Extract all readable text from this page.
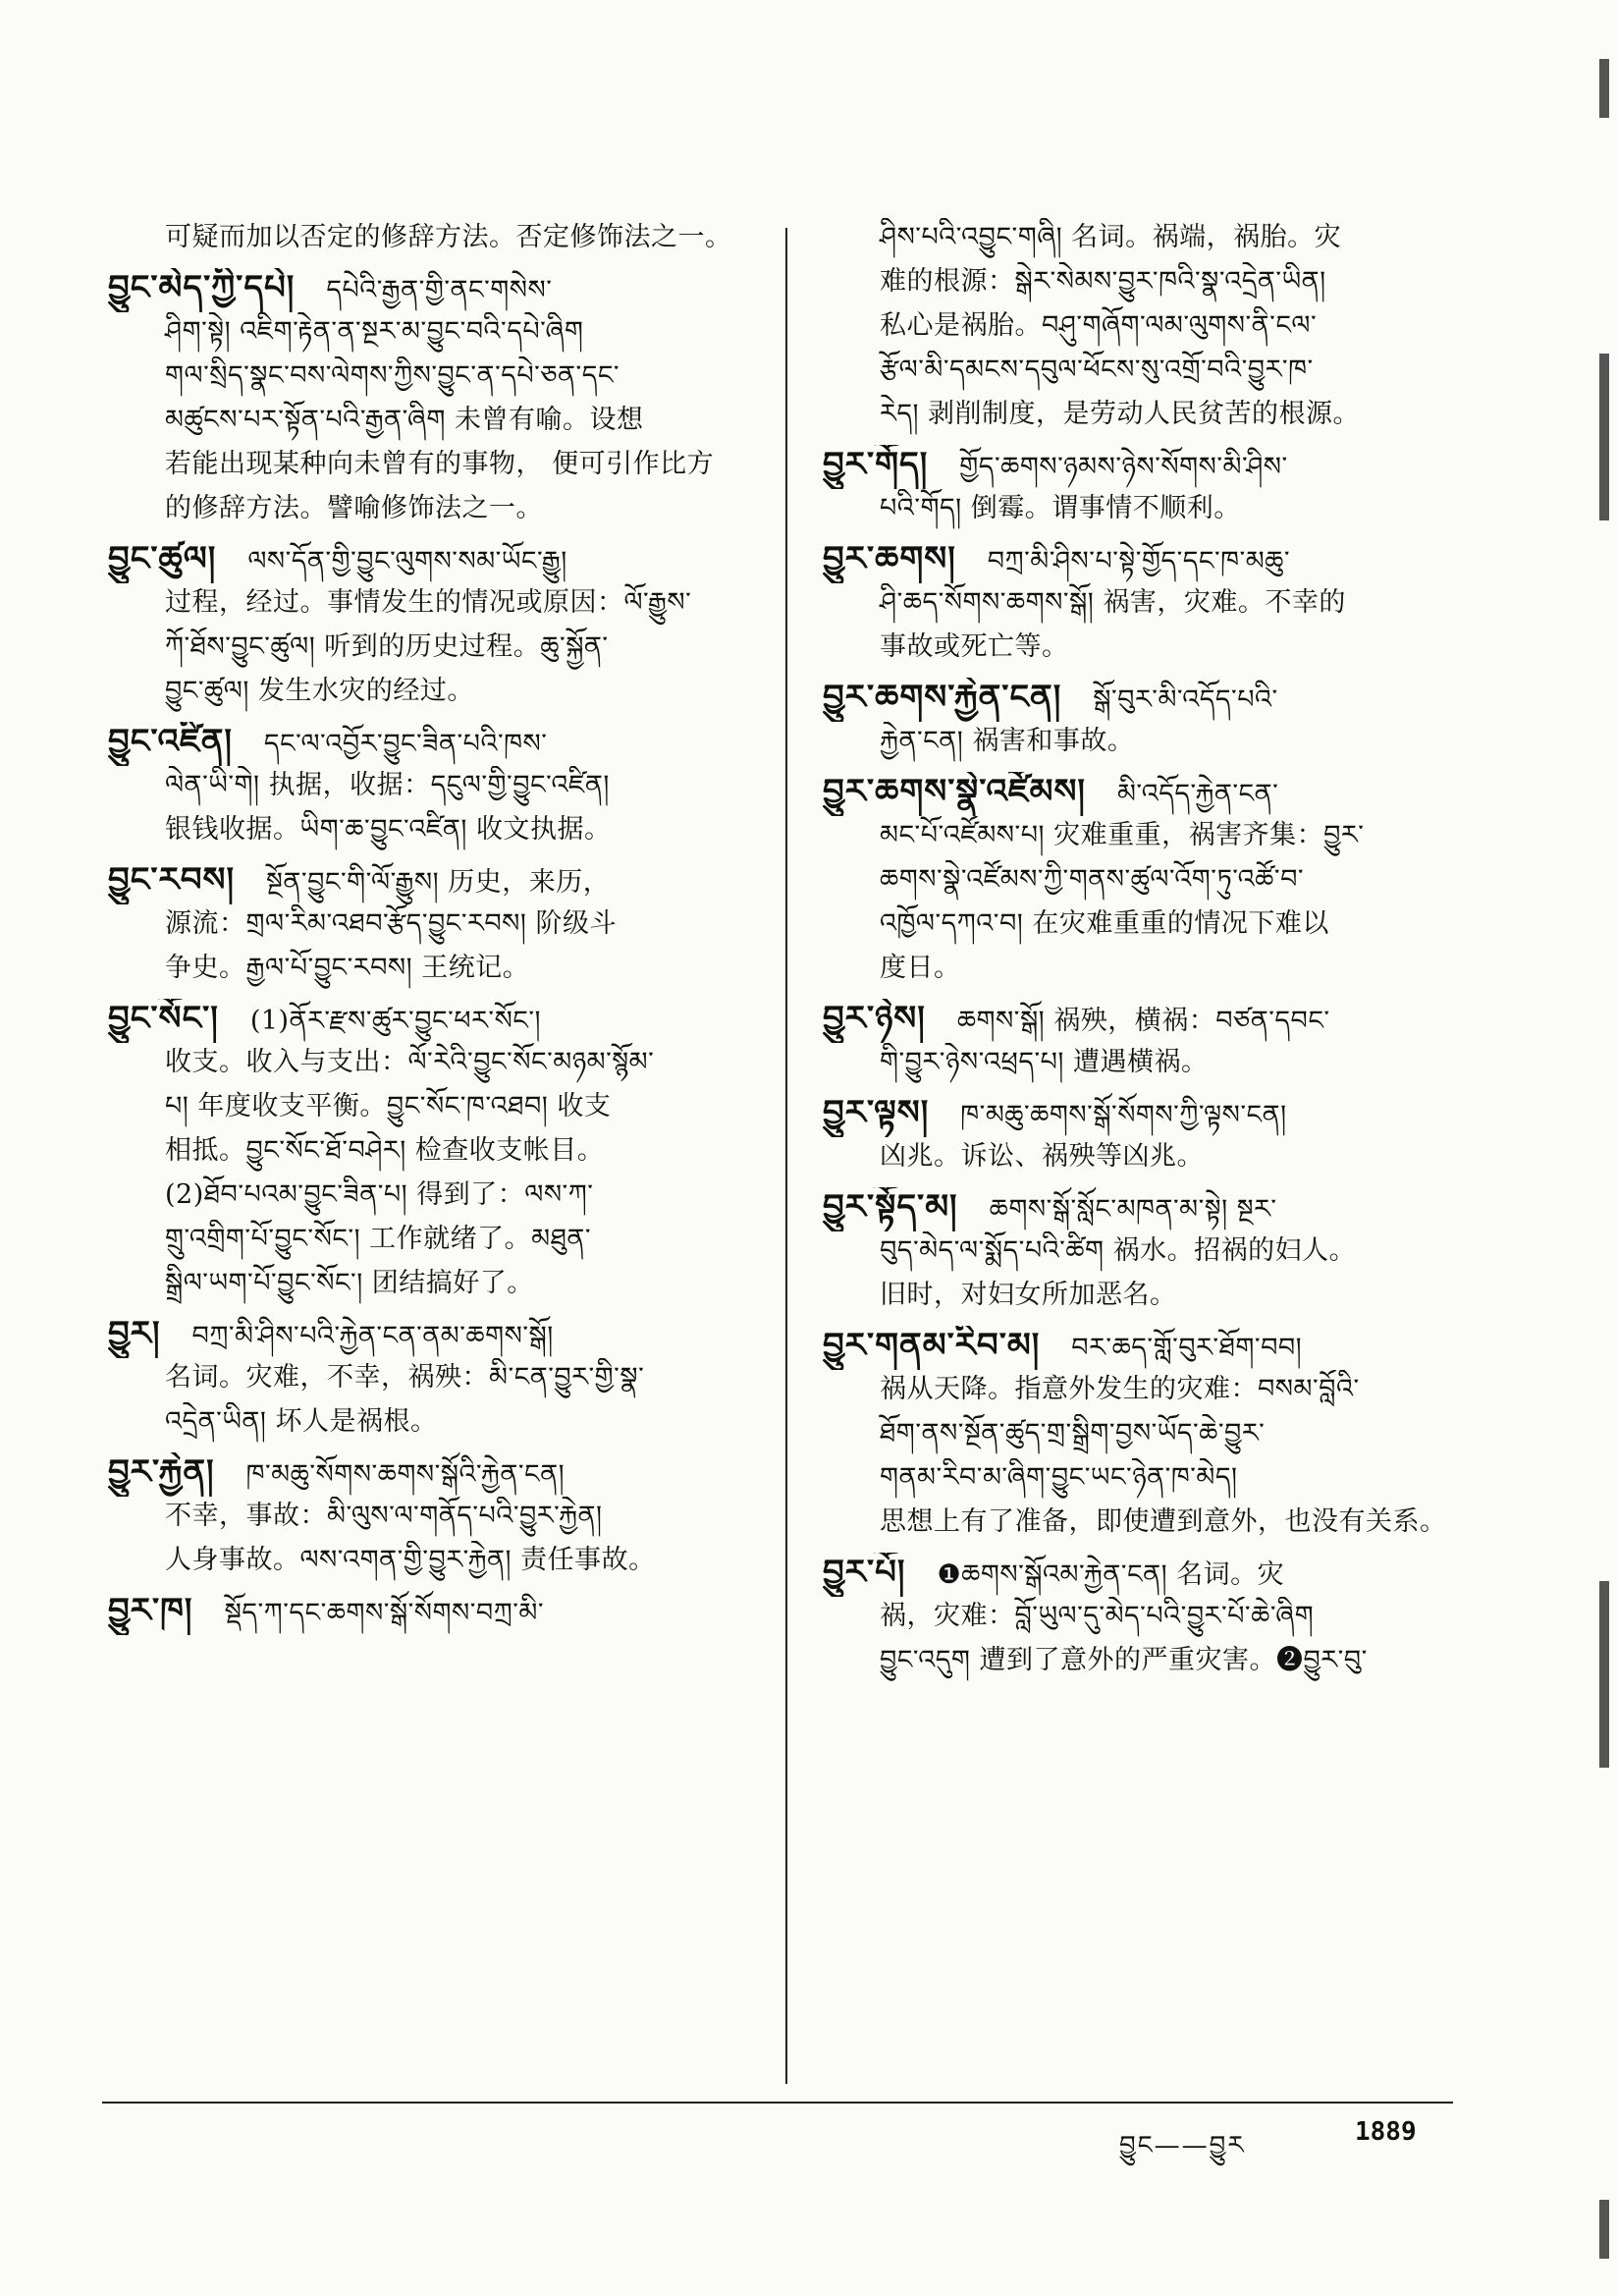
可疑而加以否定的修辞方法。否定修饰法之一。
བྱུང་མེད་ཀྱི་དཔེ། དཔེའི་རྒྱན་གྱི་ནང་གསེས་
ཤིག་སྟེ། འཇིག་རྟེན་ན་སྔར་མ་བྱུང་བའི་དཔེ་ཞིག
གལ་སྲིད་སྣང་བས་ལེགས་ཀྱིས་བྱུང་ན་དཔེ་ཅན་དང་
མཚུངས་པར་སྟོན་པའི་རྒྱན་ཞིག 未曾有喻。设想
若能出现某种向未曾有的事物， 便可引作比方
的修辞方法。譬喻修饰法之一。
བྱུང་ཚུལ། ལས་དོན་གྱི་བྱུང་ལུགས་སམ་ཡོང་རྒྱུ།
过程，经过。事情发生的情况或原因：ལོ་རྒྱུས་
ཀོ་ཐོས་བྱུང་ཚུལ། 听到的历史过程。ཆུ་སྐྱོན་
བྱུང་ཚུལ། 发生水灾的经过。
བྱུང་འཛིན། དང་ལ་འབྱོར་བྱུང་ཟིན་པའི་ཁས་
ལེན་ཡི་གེ། 执据，收据：དངུལ་གྱི་བྱུང་འཛིན།
银钱收据。ཡིག་ཆ་བྱུང་འཛིན། 收文执据。
བྱུང་རབས། སྔོན་བྱུང་གི་ལོ་རྒྱུས། 历史，来历，
源流：གྲལ་རིམ་འཐབ་རྩོད་བྱུང་རབས། 阶级斗
争史。རྒྱལ་པོ་བྱུང་རབས། 王统记。
བྱུང་སོང་། (1)ནོར་རྫས་ཚུར་བྱུང་ཕར་སོང་།
收支。收入与支出：ལོ་རེའི་བྱུང་སོང་མཉམ་སྙོམ་
པ། 年度收支平衡。བྱུང་སོང་ཁ་འཐབ། 收支
相抵。བྱུང་སོང་ཐོ་བཤེར། 检查收支帐目。
(2)ཐོབ་པའམ་བྱུང་ཟིན་པ། 得到了：ལས་ཀ་
གྲུ་འགྲིག་པོ་བྱུང་སོང་། 工作就绪了。མཐུན་
སྒྲིལ་ཡག་པོ་བྱུང་སོང་། 团结搞好了。
བྱུར། བཀྲ་མི་ཤིས་པའི་རྐྱེན་ངན་ནམ་ཆགས་སྒོ།
名词。灾难，不幸，祸殃：མི་ངན་བྱུར་གྱི་སྣ་
འདྲེན་ཡིན། 坏人是祸根。
བྱུར་རྐྱེན། ཁ་མཆུ་སོགས་ཆགས་སྒོའི་རྐྱེན་ངན།
不幸，事故：མི་ལུས་ལ་གནོད་པའི་བྱུར་རྐྱེན།
人身事故。ལས་འགན་གྱི་བྱུར་རྐྱེན། 责任事故。
བྱུར་ཁ། སྡོད་ཀ་དང་ཆགས་སྒོ་སོགས་བཀྲ་མི་
ཤིས་པའི་འབྱུང་གཞི། 名词。祸端，祸胎。灾
难的根源：སྒེར་སེམས་བྱུར་ཁའི་སྣ་འདྲེན་ཡིན།
私心是祸胎。བཤུ་གཞོག་ལམ་ལུགས་ནི་ངལ་
རྩོལ་མི་དམངས་དབུལ་ཕོངས་སུ་འགྲོ་བའི་བྱུར་ཁ་
རེད། 剥削制度，是劳动人民贫苦的根源。
བྱུར་གོད། གྱོད་ཆགས་ཉམས་ཉེས་སོགས་མི་ཤིས་
པའི་གོད། 倒霉。谓事情不顺利。
བྱུར་ཆགས། བཀྲ་མི་ཤིས་པ་སྟེ་གྱོད་དང་ཁ་མཆུ་
ཤི་ཆད་སོགས་ཆགས་སྒོ། 祸害，灾难。不幸的
事故或死亡等。
བྱུར་ཆགས་རྐྱེན་ངན། སྒོ་བུར་མི་འདོད་པའི་
རྐྱེན་ངན། 祸害和事故。
བྱུར་ཆགས་སྣེ་འཛོམས། མི་འདོད་རྐྱེན་ངན་
མང་པོ་འཛོམས་པ། 灾难重重，祸害齐集：བྱུར་
ཆགས་སྣེ་འཛོམས་ཀྱི་གནས་ཚུལ་འོག་ཏུ་འཚོ་བ་
འཁྱོལ་དཀའ་བ། 在灾难重重的情况下难以
度日。
བྱུར་ཉེས། ཆགས་སྒོ། 祸殃，横祸：བཙན་དབང་
གི་བྱུར་ཉེས་འཕྲད་པ། 遭遇横祸。
བྱུར་ལྟས། ཁ་མཆུ་ཆགས་སྒོ་སོགས་ཀྱི་ལྟས་ངན།
凶兆。诉讼、祸殃等凶兆。
བྱུར་སྟོད་མ། ཆགས་སྒོ་སློང་མཁན་མ་སྟེ། སྔར་
བུད་མེད་ལ་སྨོད་པའི་ཚིག 祸水。招祸的妇人。
旧时，对妇女所加恶名。
བྱུར་གནམ་རིབ་མ། བར་ཆད་གློ་བུར་ཐོག་བབ།
祸从天降。指意外发生的灾难：བསམ་བློའི་
ཐོག་ནས་སྔོན་ཚུད་གྲ་སྒྲིག་བྱས་ཡོད་ཆེ་བྱུར་
གནམ་རིབ་མ་ཞིག་བྱུང་ཡང་ཉེན་ཁ་མེད།
思想上有了准备，即使遭到意外，也没有关系。
བྱུར་པོ། ❶ཆགས་སྒོའམ་རྐྱེན་ངན། 名词。灾
祸，灾难：བློ་ཡུལ་དུ་མེད་པའི་བྱུར་པོ་ཆེ་ཞིག
བྱུང་འདུག 遭到了意外的严重灾害。❷བྱུར་བུ་
བྱུང——བྱུར	1889
